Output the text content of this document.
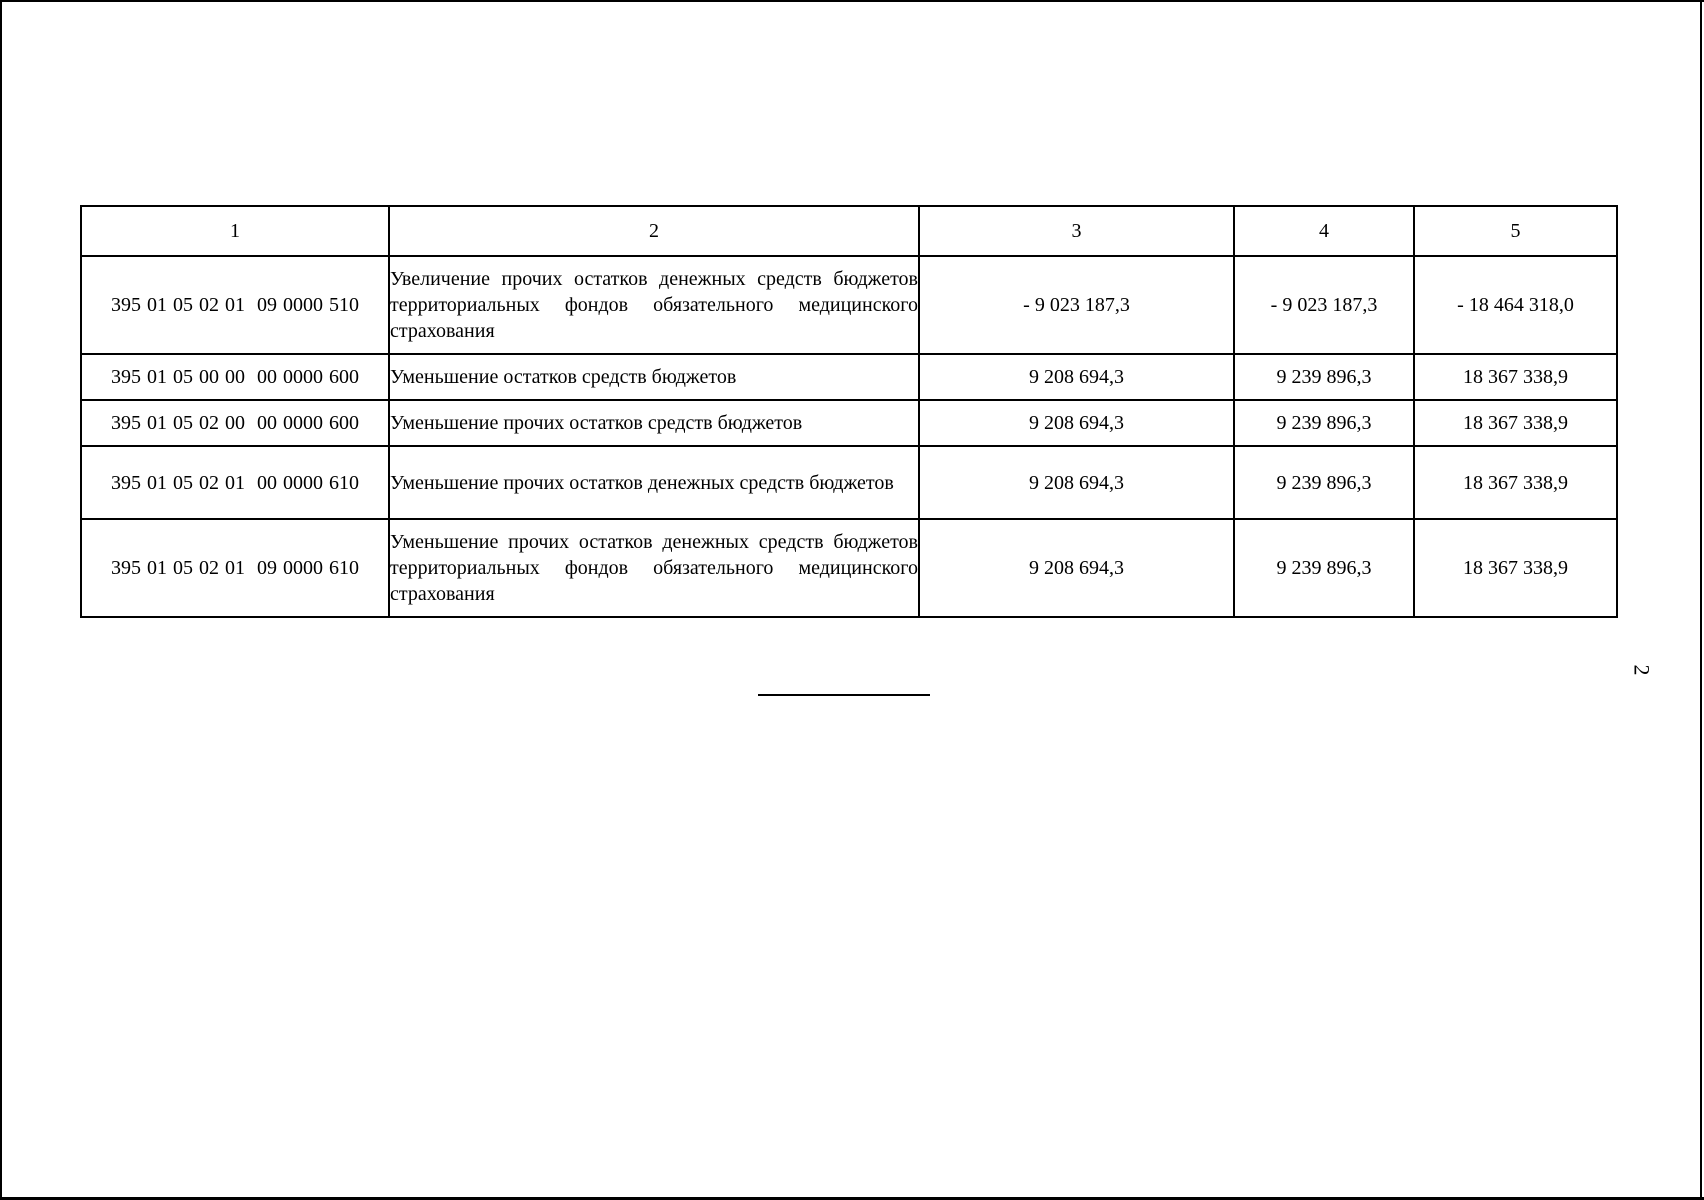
1	2	3	4	5
395 01 05 02 01  09 0000 510	Увеличение прочих остатков денежных средств бюджетов территориальных фондов обязательного медицинского страхования	- 9 023 187,3	- 9 023 187,3	- 18 464 318,0
395 01 05 00 00  00 0000 600	Уменьшение остатков средств бюджетов	9 208 694,3	9 239 896,3	18 367 338,9
395 01 05 02 00  00 0000 600	Уменьшение прочих остатков средств бюджетов	9 208 694,3	9 239 896,3	18 367 338,9
395 01 05 02 01  00 0000 610	Уменьшение прочих остатков денежных средств бюджетов	9 208 694,3	9 239 896,3	18 367 338,9
395 01 05 02 01  09 0000 610	Уменьшение прочих остатков денежных средств бюджетов территориальных фондов обязательного медицинского страхования	9 208 694,3	9 239 896,3	18 367 338,9
2
